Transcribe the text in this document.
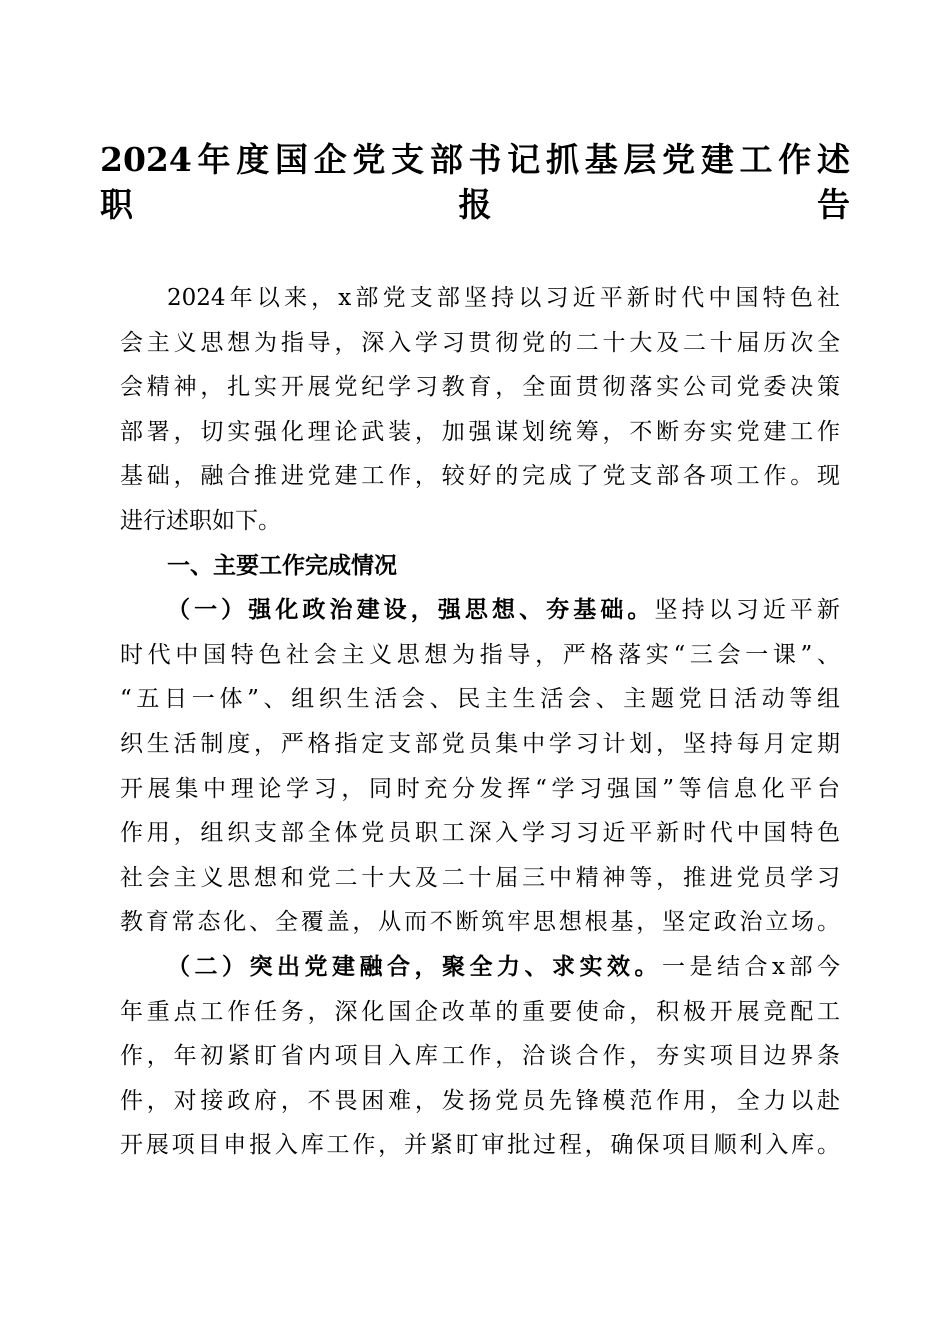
2024年度国企党支部书记抓基层党建工作述
职报告
2024年以来，x部党支部坚持以习近平新时代中国特色社
会主义思想为指导，深入学习贯彻党的二十大及二十届历次全
会精神，扎实开展党纪学习教育，全面贯彻落实公司党委决策
部署，切实强化理论武装，加强谋划统筹，不断夯实党建工作
基础，融合推进党建工作，较好的完成了党支部各项工作。现
进行述职如下。
一、主要工作完成情况
（一）强化政治建设，强思想、夯基础。坚持以习近平新
时代中国特色社会主义思想为指导，严格落实“三会一课”、
“五日一体”、组织生活会、民主生活会、主题党日活动等组
织生活制度，严格指定支部党员集中学习计划，坚持每月定期
开展集中理论学习，同时充分发挥“学习强国”等信息化平台
作用，组织支部全体党员职工深入学习习近平新时代中国特色
社会主义思想和党二十大及二十届三中精神等，推进党员学习
教育常态化、全覆盖，从而不断筑牢思想根基，坚定政治立场。
（二）突出党建融合，聚全力、求实效。一是结合x部今
年重点工作任务，深化国企改革的重要使命，积极开展竞配工
作，年初紧盯省内项目入库工作，洽谈合作，夯实项目边界条
件，对接政府，不畏困难，发扬党员先锋模范作用，全力以赴
开展项目申报入库工作，并紧盯审批过程，确保项目顺利入库。
